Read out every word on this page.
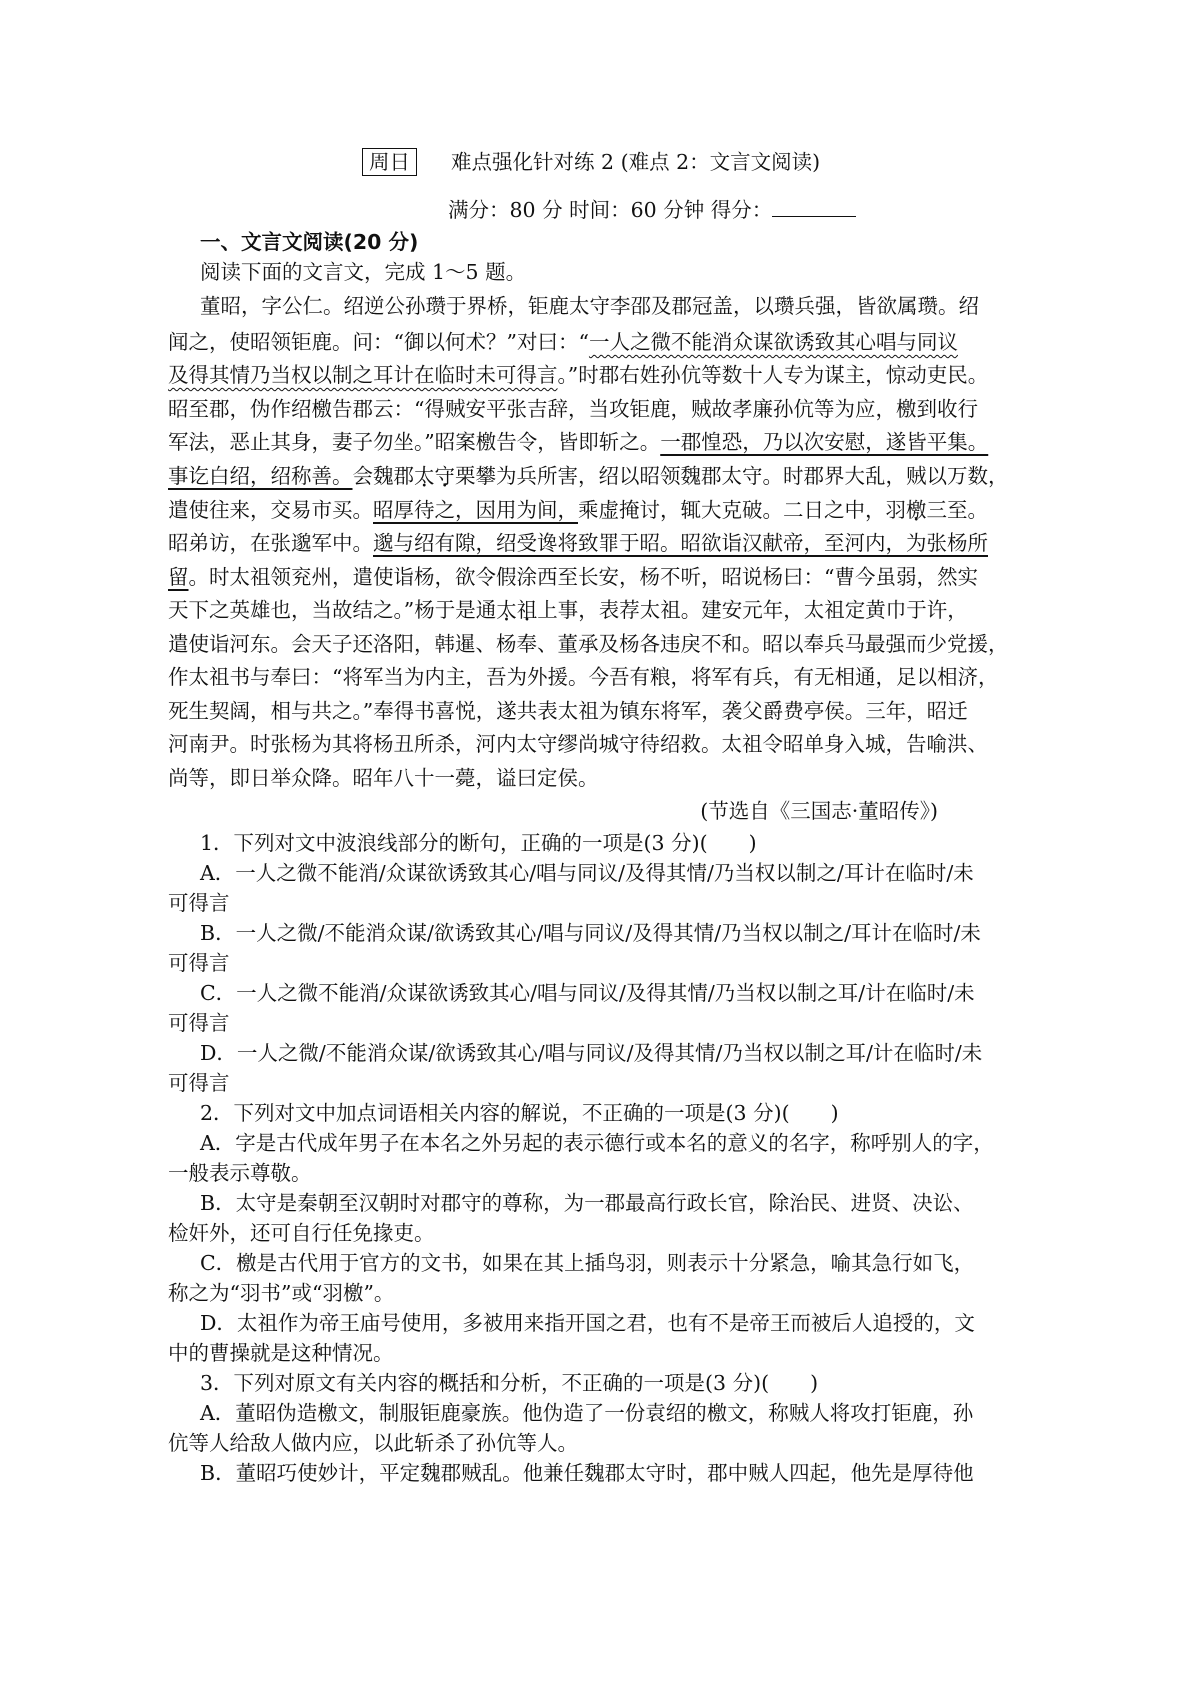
周日 难点强化针对练 2 (难点 2：文言文阅读)
满分：80 分 时间：60 分钟 得分：
一、文言文阅读(20 分)
阅读下面的文言文，完成 1～5 题。
董昭，字公仁。绍逆公孙瓒于界桥，钜鹿太守李邵及郡冠盖，以瓒兵强，皆欲属瓒。绍
闻之，使昭领钜鹿。问：“御以何术？”对曰：“一人之微不能消众谋欲诱致其心唱与同议
及得其情乃当权以制之耳计在临时未可得言。”时郡右姓孙伉等数十人专为谋主，惊动吏民。
昭至郡，伪作绍檄告郡云：“得贼安平张吉辞，当攻钜鹿，贼故孝廉孙伉等为应，檄到收行
军法，恶止其身，妻子勿坐。”昭案檄告令，皆即斩之。一郡惶恐，乃以次安慰，遂皆平集。
事讫白绍，绍称善。会魏郡太守栗攀为兵所害，绍以昭领魏郡太守。时郡界大乱，贼以万数，
遣使往来，交易市买。昭厚待之，因用为间，乘虚掩讨，辄大克破。二日之中，羽檄三至。
昭弟访，在张邈军中。邈与绍有隙，绍受谗将致罪于昭。昭欲诣汉献帝，至河内，为张杨所
留。时太祖领兖州，遣使诣杨，欲令假涂西至长安，杨不听，昭说杨曰：“曹今虽弱，然实
天下之英雄也，当故结之。”杨于是通太祖上事，表荐太祖。建安元年，太祖定黄巾于许，
遣使诣河东。会天子还洛阳，韩暹、杨奉、董承及杨各违戾不和。昭以奉兵马最强而少党援，
作太祖书与奉曰：“将军当为内主，吾为外援。今吾有粮，将军有兵，有无相通，足以相济，
死生契阔，相与共之。”奉得书喜悦，遂共表太祖为镇东将军，袭父爵费亭侯。三年，昭迁
河南尹。时张杨为其将杨丑所杀，河内太守缪尚城守待绍救。太祖令昭单身入城，告喻洪、
尚等，即日举众降。昭年八十一薨，谥曰定侯。
(节选自《三国志·董昭传》)
1．下列对文中波浪线部分的断句，正确的一项是(3 分)(　　)
A．一人之微不能消/众谋欲诱致其心/唱与同议/及得其情/乃当权以制之/耳计在临时/未
可得言
B．一人之微/不能消众谋/欲诱致其心/唱与同议/及得其情/乃当权以制之/耳计在临时/未
可得言
C．一人之微不能消/众谋欲诱致其心/唱与同议/及得其情/乃当权以制之耳/计在临时/未
可得言
D．一人之微/不能消众谋/欲诱致其心/唱与同议/及得其情/乃当权以制之耳/计在临时/未
可得言
2．下列对文中加点词语相关内容的解说，不正确的一项是(3 分)(　　)
A．字是古代成年男子在本名之外另起的表示德行或本名的意义的名字，称呼别人的字，
一般表示尊敬。
B．太守是秦朝至汉朝时对郡守的尊称，为一郡最高行政长官，除治民、进贤、决讼、
检奸外，还可自行任免掾吏。
C．檄是古代用于官方的文书，如果在其上插鸟羽，则表示十分紧急，喻其急行如飞，
称之为“羽书”或“羽檄”。
D．太祖作为帝王庙号使用，多被用来指开国之君，也有不是帝王而被后人追授的，文
中的曹操就是这种情况。
3．下列对原文有关内容的概括和分析，不正确的一项是(3 分)(　　)
A．董昭伪造檄文，制服钜鹿豪族。他伪造了一份袁绍的檄文，称贼人将攻打钜鹿，孙
伉等人给敌人做内应，以此斩杀了孙伉等人。
B．董昭巧使妙计，平定魏郡贼乱。他兼任魏郡太守时，郡中贼人四起，他先是厚待他
